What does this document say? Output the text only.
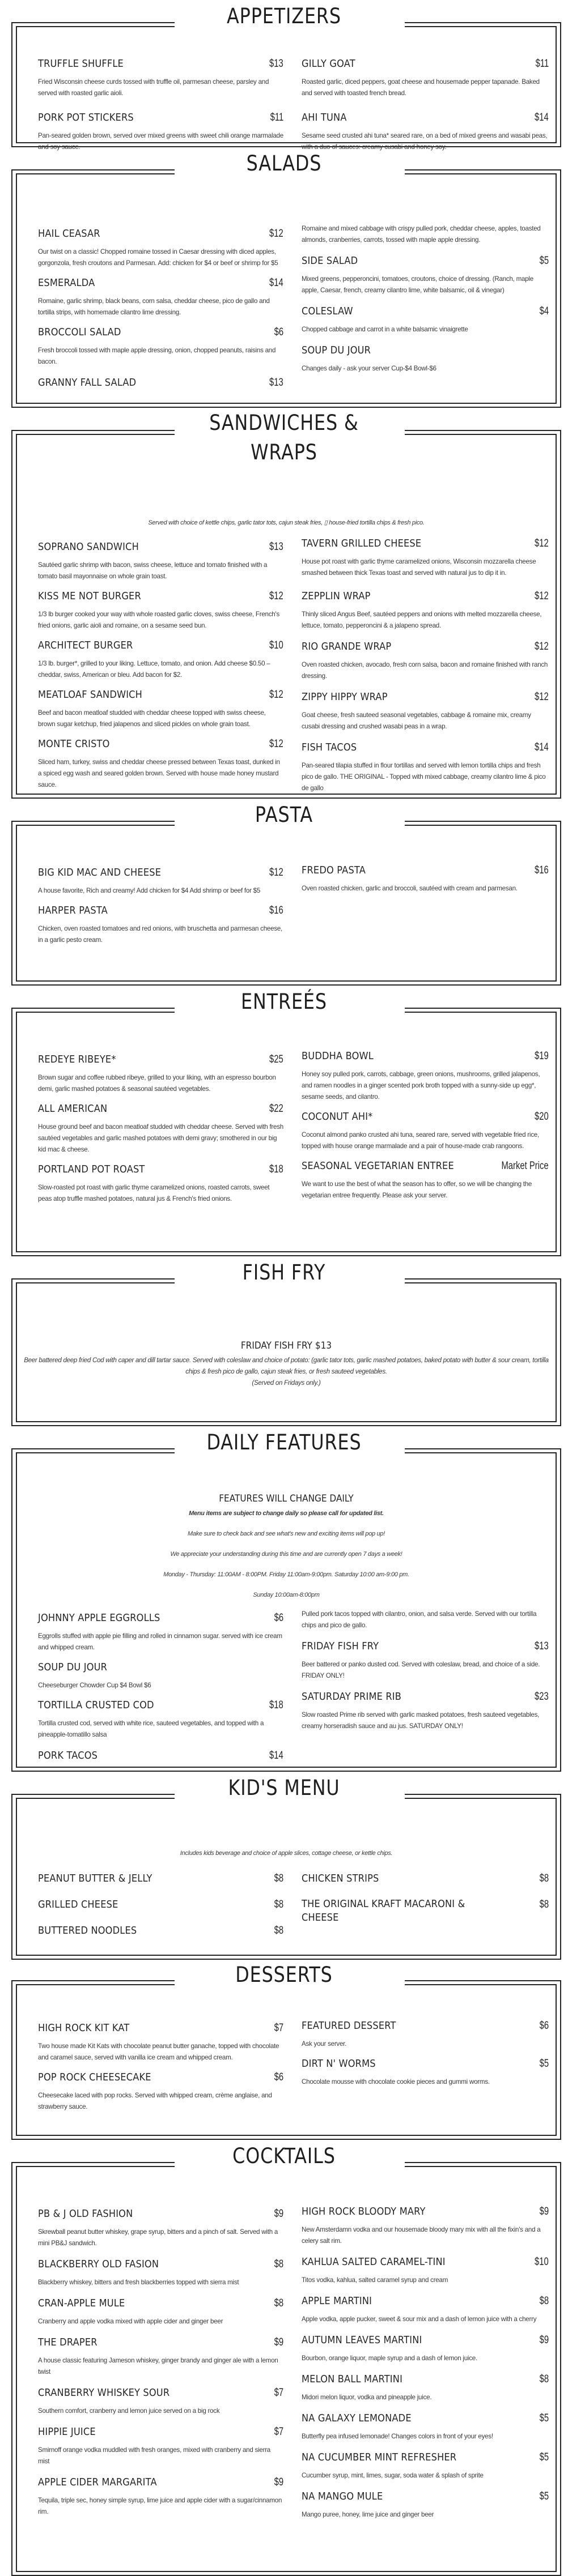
APPETIZERS
TRUFFLE SHUFFLE	$13
Fried Wisconsin cheese curds tossed with truffle oil, parmesan cheese, parsley and served with roasted garlic aioli.
PORK POT STICKERS	$11
Pan-seared golden brown, served over mixed greens with sweet chili orange marmalade and soy sauce.
GILLY GOAT	$11
Roasted garlic, diced peppers, goat cheese and housemade pepper tapanade. Baked and served with toasted french bread.
AHI TUNA	$14
Sesame seed crusted ahi tuna* seared rare, on a bed of mixed greens and wasabi peas, with a duo of sauces: creamy cusabi and honey soy.
SALADS
HAIL CEASAR	$12
Our twist on a classic! Chopped romaine tossed in Caesar dressing with diced apples, gorgonzola, fresh croutons and Parmesan. Add: chicken for $4 or beef or shrimp for $5
ESMERALDA	$14
Romaine, garlic shrimp, black beans, corn salsa, cheddar cheese, pico de gallo and tortilla strips, with homemade cilantro lime dressing.
BROCCOLI SALAD	$6
Fresh broccoli tossed with maple apple dressing, onion, chopped peanuts, raisins and bacon.
GRANNY FALL SALAD	$13
Romaine and mixed cabbage with crispy pulled pork, cheddar cheese, apples, toasted almonds, cranberries, carrots, tossed with maple apple dressing.
SIDE SALAD	$5
Mixed greens, pepperoncini, tomatoes, croutons, choice of dressing. (Ranch, maple apple, Caesar, french, creamy cilantro lime, white balsamic, oil & vinegar)
COLESLAW	$4
Chopped cabbage and carrot in a white balsamic vinaigrette
SOUP DU JOUR
Changes daily - ask your server Cup-$4 Bowl-$6
SANDWICHES &
WRAPS
Served with choice of kettle chips, garlic tator tots, cajun steak fries, ▯ house-fried tortilla chips & fresh pico.
SOPRANO SANDWICH	$13
Sautéed garlic shrimp with bacon, swiss cheese, lettuce and tomato finished with a tomato basil mayonnaise on whole grain toast.
KISS ME NOT BURGER	$12
1/3 lb burger cooked your way with whole roasted garlic cloves, swiss cheese, French's fried onions, garlic aioli and romaine, on a sesame seed bun.
ARCHITECT BURGER	$10
1/3 lb. burger*, grilled to your liking. Lettuce, tomato, and onion. Add cheese $0.50 – cheddar, swiss, American or bleu. Add bacon for $2.
MEATLOAF SANDWICH	$12
Beef and bacon meatloaf studded with cheddar cheese topped with swiss cheese, brown sugar ketchup, fried jalapenos and sliced pickles on whole grain toast.
MONTE CRISTO	$12
Sliced ham, turkey, swiss and cheddar cheese pressed between Texas toast, dunked in a spiced egg wash and seared golden brown. Served with house made honey mustard sauce.
TAVERN GRILLED CHEESE	$12
House pot roast with garlic thyme caramelized onions, Wisconsin mozzarella cheese smashed between thick Texas toast and served with natural jus to dip it in.
ZEPPLIN WRAP	$12
Thinly sliced Angus Beef, sautéed peppers and onions with melted mozzarella cheese, lettuce, tomato, pepperoncini & a jalapeno spread.
RIO GRANDE WRAP	$12
Oven roasted chicken, avocado, fresh corn salsa, bacon and romaine finished with ranch dressing.
ZIPPY HIPPY WRAP	$12
Goat cheese, fresh sauteed seasonal vegetables, cabbage & romaine mix, creamy cusabi dressing and crushed wasabi peas in a wrap.
FISH TACOS	$14
Pan-seared tilapia stuffed in flour tortillas and served with lemon tortilla chips and fresh pico de gallo. THE ORIGINAL - Topped with mixed cabbage, creamy cilantro lime & pico de gallo
PASTA
BIG KID MAC AND CHEESE	$12
A house favorite, Rich and creamy! Add chicken for $4 Add shrimp or beef for $5
HARPER PASTA	$16
Chicken, oven roasted tomatoes and red onions, with bruschetta and parmesan cheese, in a garlic pesto cream.
FREDO PASTA	$16
Oven roasted chicken, garlic and broccoli, sautéed with cream and parmesan.
ENTREÉS
REDEYE RIBEYE*	$25
Brown sugar and coffee rubbed ribeye, grilled to your liking, with an espresso bourbon demi, garlic mashed potatoes & seasonal sautéed vegetables.
ALL AMERICAN	$22
House ground beef and bacon meatloaf studded with cheddar cheese. Served with fresh sautéed vegetables and garlic mashed potatoes with demi gravy; smothered in our big kid mac & cheese.
PORTLAND POT ROAST	$18
Slow-roasted pot roast with garlic thyme caramelized onions, roasted carrots, sweet peas atop truffle mashed potatoes, natural jus & French's fried onions.
BUDDHA BOWL	$19
Honey soy pulled pork, carrots, cabbage, green onions, mushrooms, grilled jalapenos, and ramen noodles in a ginger scented pork broth topped with a sunny-side up egg*, sesame seeds, and cilantro.
COCONUT AHI*	$20
Coconut almond panko crusted ahi tuna, seared rare, served with vegetable fried rice, topped with house orange marmalade and a pair of house-made crab rangoons.
SEASONAL VEGETARIAN ENTREE	Market Price
We want to use the best of what the season has to offer, so we will be changing the vegetarian entree frequently. Please ask your server.
FISH FRY
FRIDAY FISH FRY $13
Beer battered deep fried Cod with caper and dill tartar sauce. Served with coleslaw and choice of potato: (garlic tator tots, garlic mashed potatoes, baked potato with butter & sour cream, tortilla chips & fresh pico de gallo, cajun steak fries, or fresh sauteed vegetables.
(Served on Fridays only.)
DAILY FEATURES
FEATURES WILL CHANGE DAILY
Menu items are subject to change daily so please call for updated list.
Make sure to check back and see what's new and exciting items will pop up!
We appreciate your understanding during this time and are currently open 7 days a week!
Monday - Thursday: 11:00AM - 8:00PM. Friday 11:00am-9:00pm. Saturday 10:00 am-9:00 pm.
Sunday 10:00am-8:00pm
JOHNNY APPLE EGGROLLS	$6
Eggrolls stuffed with apple pie filling and rolled in cinnamon sugar. served with ice cream and whipped cream.
SOUP DU JOUR
Cheeseburger Chowder Cup $4 Bowl $6
TORTILLA CRUSTED COD	$18
Tortilla crusted cod, served with white rice, sauteed vegetables, and topped with a pineapple-tomatillo salsa
PORK TACOS	$14
Pulled pork tacos topped with cilantro, onion, and salsa verde. Served with our tortilla chips and pico de gallo.
FRIDAY FISH FRY	$13
Beer battered or panko dusted cod. Served with coleslaw, bread, and choice of a side. FRIDAY ONLY!
SATURDAY PRIME RIB	$23
Slow roasted Prime rib served with garlic masked potatoes, fresh sauteed vegetables, creamy horseradish sauce and au jus. SATURDAY ONLY!
KID'S MENU
Includes kids beverage and choice of apple slices, cottage cheese, or kettle chips.
PEANUT BUTTER & JELLY	$8
GRILLED CHEESE	$8
BUTTERED NOODLES	$8
CHICKEN STRIPS	$8
THE ORIGINAL KRAFT MACARONI & CHEESE
$8
DESSERTS
HIGH ROCK KIT KAT	$7
Two house made Kit Kats with chocolate peanut butter ganache, topped with chocolate and caramel sauce, served with vanilla ice cream and whipped cream.
POP ROCK CHEESECAKE	$6
Cheesecake laced with pop rocks. Served with whipped cream, crème anglaise, and strawberry sauce.
FEATURED DESSERT	$6
Ask your server.
DIRT N' WORMS	$5
Chocolate mousse with chocolate cookie pieces and gummi worms.
COCKTAILS
PB & J OLD FASHION	$9
Skrewball peanut butter whiskey, grape syrup, bitters and a pinch of salt. Served with a mini PB&J sandwich.
BLACKBERRY OLD FASION	$8
Blackberry whiskey, bitters and fresh blackberries topped with sierra mist
CRAN-APPLE MULE	$8
Cranberry and apple vodka mixed with apple cider and ginger beer
THE DRAPER	$9
A house classic featuring Jameson whiskey, ginger brandy and ginger ale with a lemon twist
CRANBERRY WHISKEY SOUR	$7
Southern comfort, cranberry and lemon juice served on a big rock
HIPPIE JUICE	$7
Smirnoff orange vodka muddled with fresh oranges, mixed with cranberry and sierra mist
APPLE CIDER MARGARITA	$9
Tequila, triple sec, honey simple syrup, lime juice and apple cider with a sugar/cinnamon rim.
HIGH ROCK BLOODY MARY	$9
New Amsterdamn vodka and our housemade bloody mary mix with all the fixin's and a celery salt rim.
KAHLUA SALTED CARAMEL-TINI	$10
Titos vodka, kahlua, salted caramel syrup and cream
APPLE MARTINI	$8
Apple vodka, apple pucker, sweet & sour mix and a dash of lemon juice with a cherry
AUTUMN LEAVES MARTINI	$9
Bourbon, orange liquor, maple syrup and a dash of lemon juice.
MELON BALL MARTINI	$8
Midori melon liquor, vodka and pineapple juice.
NA GALAXY LEMONADE	$5
Butterfly pea infused lemonade! Changes colors in front of your eyes!
NA CUCUMBER MINT REFRESHER	$5
Cucumber syrup, mint, limes, sugar, soda water & splash of sprite
NA MANGO MULE	$5
Mango puree, honey, lime juice and ginger beer
